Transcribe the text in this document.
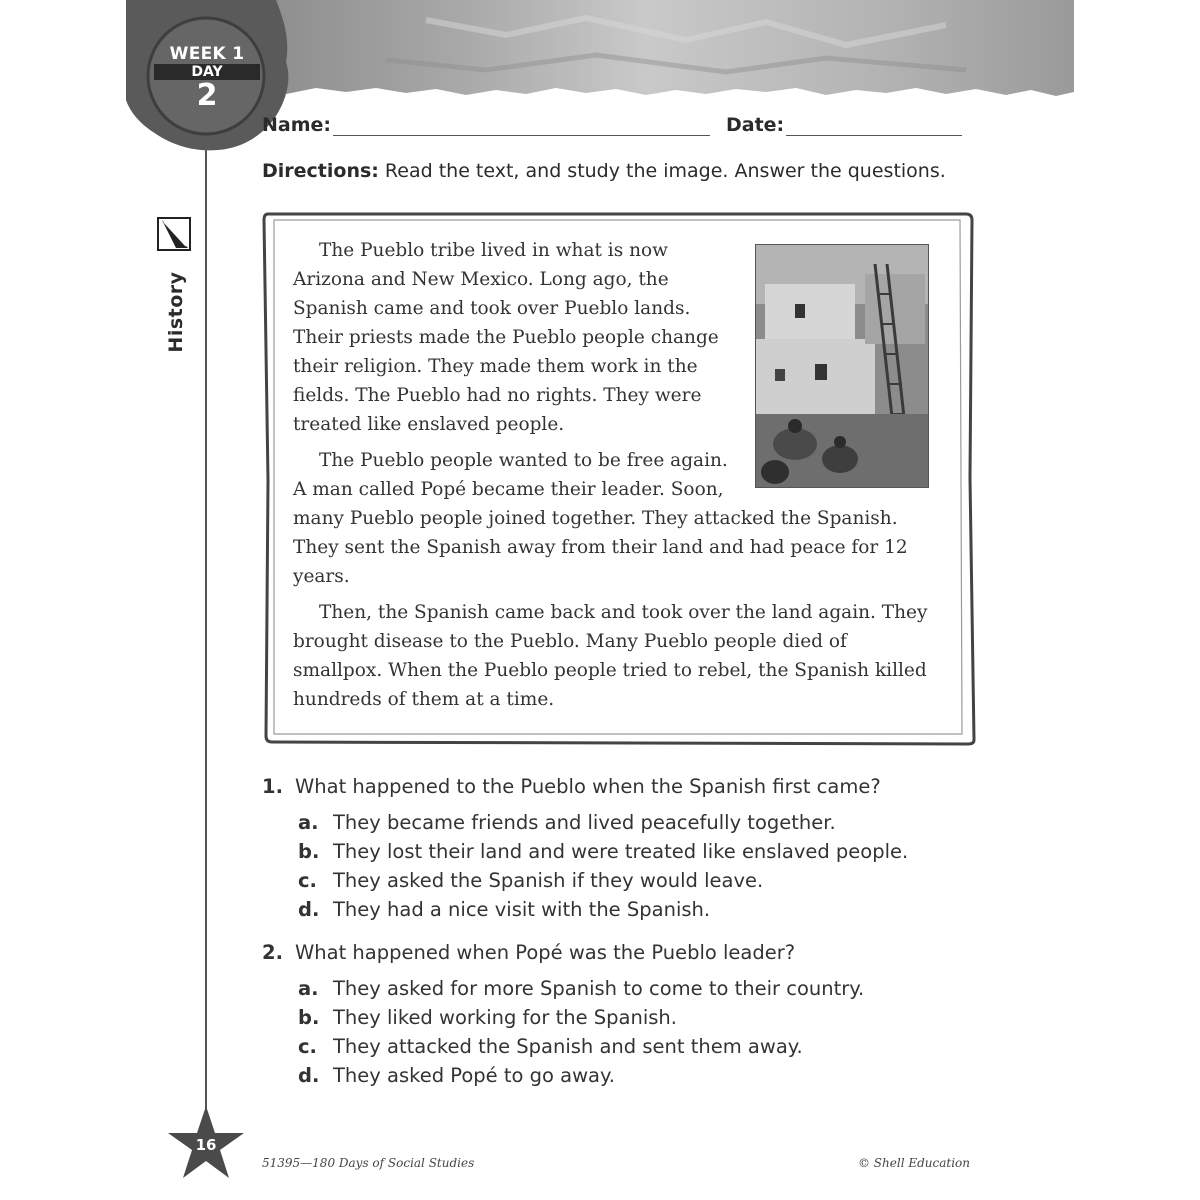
WEEK 1
DAY
2
History
Name:	Date:
Directions: Read the text, and study the image. Answer the questions.

The Pueblo tribe lived in what is now Arizona and New Mexico. Long ago, the Spanish came and took over Pueblo lands. Their priests made the Pueblo people change their religion. They made them work in the fields. The Pueblo had no rights. They were treated like enslaved people.

The Pueblo people wanted to be free again. A man called Popé became their leader. Soon, many Pueblo people joined together. They attacked the Spanish. They sent the Spanish away from their land and had peace for 12 years.

Then, the Spanish came back and took over the land again. They brought disease to the Pueblo. Many Pueblo people died of smallpox. When the Pueblo people tried to rebel, the Spanish killed hundreds of them at a time.

1. What happened to the Pueblo when the Spanish first came?
a. They became friends and lived peacefully together.
b. They lost their land and were treated like enslaved people.
c. They asked the Spanish if they would leave.
d. They had a nice visit with the Spanish.
2. What happened when Popé was the Pueblo leader?
a. They asked for more Spanish to come to their country.
b. They liked working for the Spanish.
c. They attacked the Spanish and sent them away.
d. They asked Popé to go away.
16
51395—180 Days of Social Studies	© Shell Education
